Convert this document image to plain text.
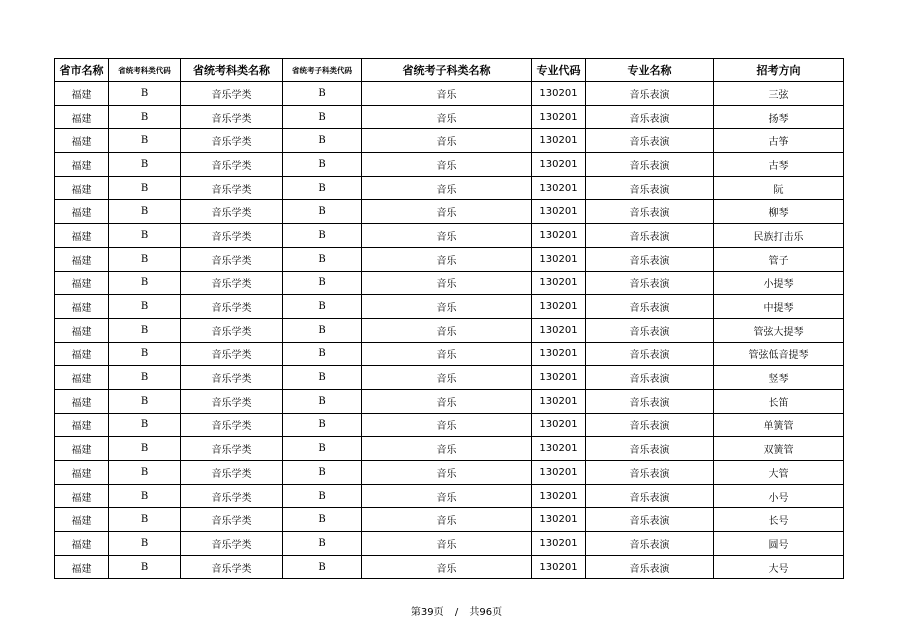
省市名称	省统考科类代码	省统考科类名称	省统考子科类代码	省统考子科类名称	专业代码	专业名称	招考方向
福建	B	音乐学类	B	音乐	130201	音乐表演	三弦
福建	B	音乐学类	B	音乐	130201	音乐表演	扬琴
福建	B	音乐学类	B	音乐	130201	音乐表演	古筝
福建	B	音乐学类	B	音乐	130201	音乐表演	古琴
福建	B	音乐学类	B	音乐	130201	音乐表演	阮
福建	B	音乐学类	B	音乐	130201	音乐表演	柳琴
福建	B	音乐学类	B	音乐	130201	音乐表演	民族打击乐
福建	B	音乐学类	B	音乐	130201	音乐表演	管子
福建	B	音乐学类	B	音乐	130201	音乐表演	小提琴
福建	B	音乐学类	B	音乐	130201	音乐表演	中提琴
福建	B	音乐学类	B	音乐	130201	音乐表演	管弦大提琴
福建	B	音乐学类	B	音乐	130201	音乐表演	管弦低音提琴
福建	B	音乐学类	B	音乐	130201	音乐表演	竖琴
福建	B	音乐学类	B	音乐	130201	音乐表演	长笛
福建	B	音乐学类	B	音乐	130201	音乐表演	单簧管
福建	B	音乐学类	B	音乐	130201	音乐表演	双簧管
福建	B	音乐学类	B	音乐	130201	音乐表演	大管
福建	B	音乐学类	B	音乐	130201	音乐表演	小号
福建	B	音乐学类	B	音乐	130201	音乐表演	长号
福建	B	音乐学类	B	音乐	130201	音乐表演	圆号
福建	B	音乐学类	B	音乐	130201	音乐表演	大号
第39页 / 共96页
